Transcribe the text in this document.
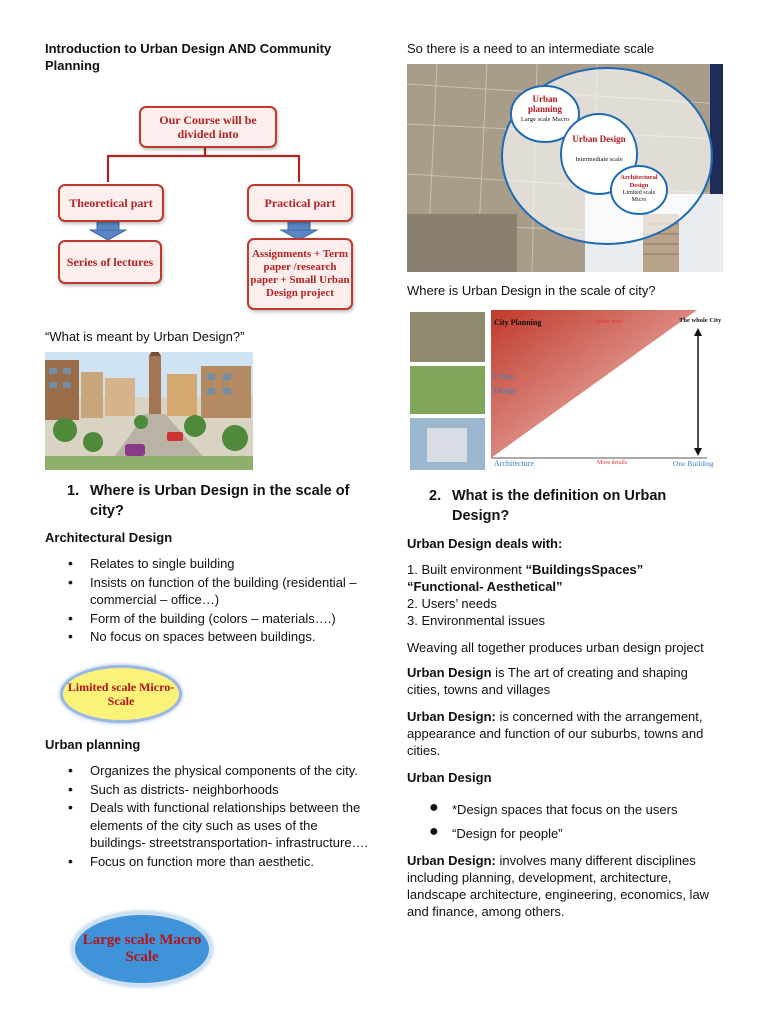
Introduction to Urban Design AND Community Planning
Our Course will be divided into
Theoretical part	Practical part
Series of lectures
Assignments + Term paper /research paper + Small Urban Design project
“What is meant by Urban Design?”
1. Where is Urban Design in the scale of city?
Architectural Design
• Relates to single building
• Insists on function of the building (residential – commercial – office…)
• Form of the building (colors – materials….)
• No focus on spaces between buildings.
Limited scale Micro- Scale
Urban planning
• Organizes the physical components of the city.
• Such as districts- neighborhoods
• Deals with functional relationships between the elements of the city such as uses of the buildings- streetstransportation- infrastructure….
• Focus on function more than aesthetic.
Large scale Macro Scale
So there is a need to an intermediate scale
Urban planning
Large scale Macro
Urban Design
Intermediate scale
Architectural Design
Limited scale Micro
Where is Urban Design in the scale of city?
City Planning	Entire area	The whole City
Urban
Design
Architecture	More details	One Building
2. What is the definition on Urban Design?
Urban Design deals with:
1. Built environment “BuildingsSpaces”
“Functional- Aesthetical”
2. Users’ needs
3. Environmental issues
Weaving all together produces urban design project
Urban Design is The art of creating and shaping cities, towns and villages
Urban Design: is concerned with the arrangement, appearance and function of our suburbs, towns and cities.
Urban Design
● *Design spaces that focus on the users
● “Design for people”
Urban Design: involves many different disciplines including planning, development, architecture, landscape architecture, engineering, economics, law and finance, among others.
